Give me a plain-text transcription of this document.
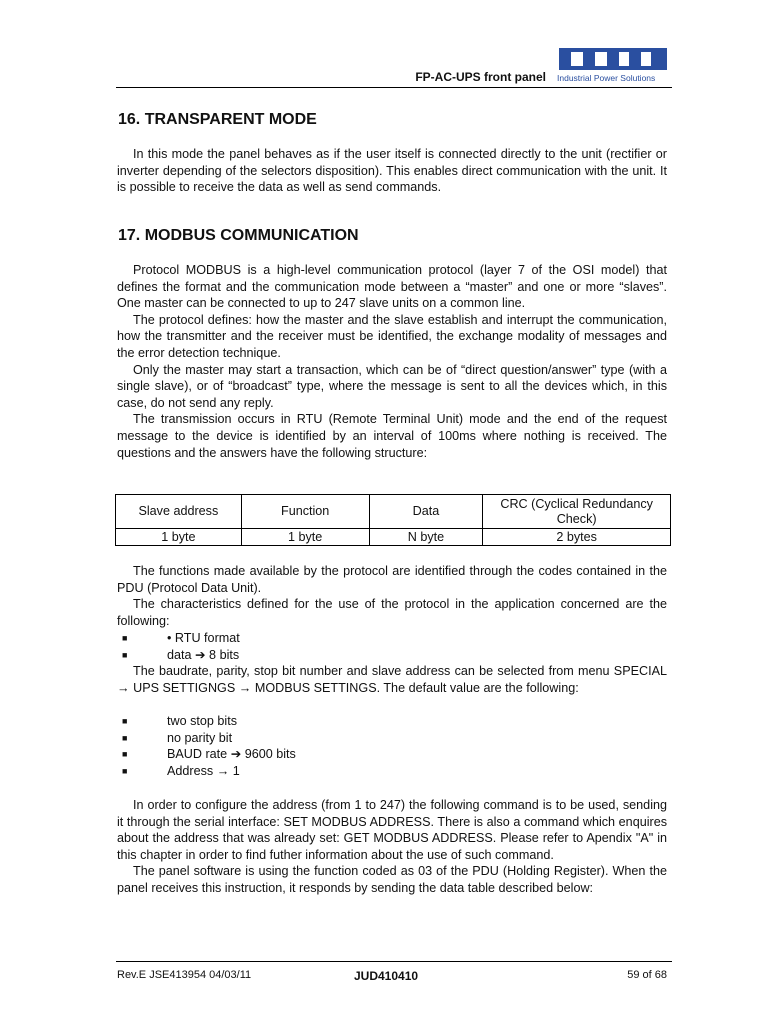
FP-AC-UPS front panel Industrial Power Solutions
16. TRANSPARENT MODE

In this mode the panel behaves as if the user itself is connected directly to the unit (rectifier or inverter depending of the selectors disposition). This enables direct communication with the unit. It is possible to receive the data as well as send commands.

17. MODBUS COMMUNICATION

Protocol MODBUS is a high-level communication protocol (layer 7 of the OSI model) that defines the format and the communication mode between a “master” and one or more “slaves”. One master can be connected to up to 247 slave units on a common line.

The protocol defines: how the master and the slave establish and interrupt the communication, how the transmitter and the receiver must be identified, the exchange modality of messages and the error detection technique.

Only the master may start a transaction, which can be of “direct question/answer” type (with a single slave), or of “broadcast” type, where the message is sent to all the devices which, in this case, do not send any reply.

The transmission occurs in RTU (Remote Terminal Unit) mode and the end of the request message to the device is identified by an interval of 100ms where nothing is received. The questions and the answers have the following structure:

Slave address	Function	Data	CRC (Cyclical Redundancy Check)
1 byte	1 byte	N byte	2 bytes

The functions made available by the protocol are identified through the codes contained in the PDU (Protocol Data Unit).

The characteristics defined for the use of the protocol in the application concerned are the following:

■	• RTU format
■	data ➔ 8 bits

The baudrate, parity, stop bit number and slave address can be selected from menu SPECIAL → UPS SETTIGNGS → MODBUS SETTINGS. The default value are the following:

■	two stop bits
■	no parity bit
■	BAUD rate ➔ 9600 bits
■	Address → 1

In order to configure the address (from 1 to 247) the following command is to be used, sending it through the serial interface: SET MODBUS ADDRESS. There is also a command which enquires about the address that was already set: GET MODBUS ADDRESS. Please refer to Apendix "A" in this chapter in order to find futher information about the use of such command.

The panel software is using the function coded as 03 of the PDU (Holding Register). When the panel receives this instruction, it responds by sending the data table described below:

Rev.E JSE413954 04/03/11	JUD410410	59 of 68
